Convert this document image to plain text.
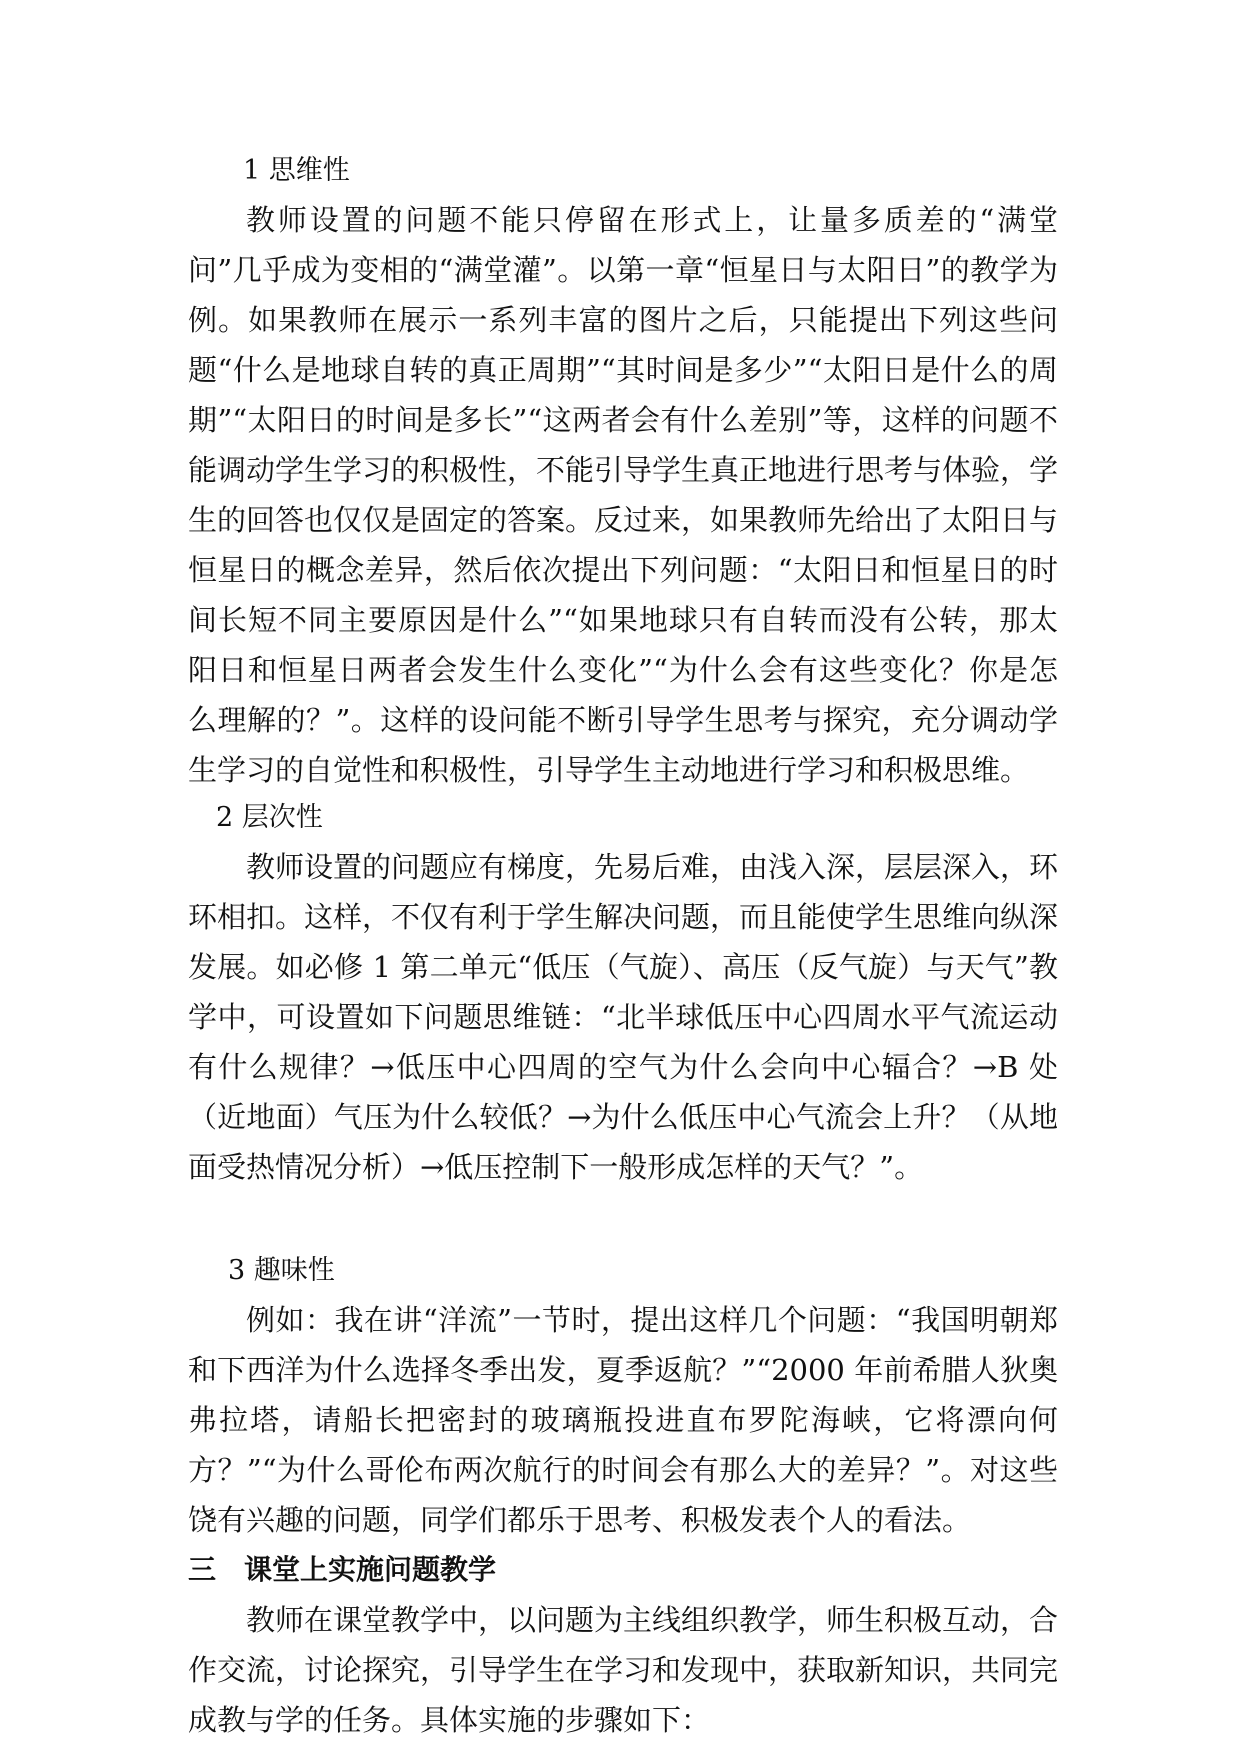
1 思维性

教师设置的问题不能只停留在形式上，让量多质差的“满堂问”几乎成为变相的“满堂灌”。以第一章“恒星日与太阳日”的教学为例。如果教师在展示一系列丰富的图片之后，只能提出下列这些问题“什么是地球自转的真正周期”“其时间是多少”“太阳日是什么的周期”“太阳日的时间是多长”“这两者会有什么差别”等，这样的问题不能调动学生学习的积极性，不能引导学生真正地进行思考与体验，学生的回答也仅仅是固定的答案。反过来，如果教师先给出了太阳日与恒星日的概念差异，然后依次提出下列问题：“太阳日和恒星日的时间长短不同主要原因是什么”“如果地球只有自转而没有公转，那太阳日和恒星日两者会发生什么变化”“为什么会有这些变化？你是怎么理解的？”。这样的设问能不断引导学生思考与探究，充分调动学生学习的自觉性和积极性，引导学生主动地进行学习和积极思维。

2 层次性

教师设置的问题应有梯度，先易后难，由浅入深，层层深入，环环相扣。这样，不仅有利于学生解决问题，而且能使学生思维向纵深发展。如必修 1 第二单元“低压（气旋）、高压（反气旋）与天气”教学中，可设置如下问题思维链：“北半球低压中心四周水平气流运动有什么规律？→低压中心四周的空气为什么会向中心辐合？→B 处（近地面）气压为什么较低？→为什么低压中心气流会上升？（从地面受热情况分析）→低压控制下一般形成怎样的天气？”。

3 趣味性

例如：我在讲“洋流”一节时，提出这样几个问题：“我国明朝郑和下西洋为什么选择冬季出发，夏季返航？”“2000 年前希腊人狄奥弗拉塔，请船长把密封的玻璃瓶投进直布罗陀海峡，它将漂向何方？”“为什么哥伦布两次航行的时间会有那么大的差异？”。对这些饶有兴趣的问题，同学们都乐于思考、积极发表个人的看法。

三 课堂上实施问题教学

教师在课堂教学中，以问题为主线组织教学，师生积极互动，合作交流，讨论探究，引导学生在学习和发现中，获取新知识，共同完成教与学的任务。具体实施的步骤如下：
